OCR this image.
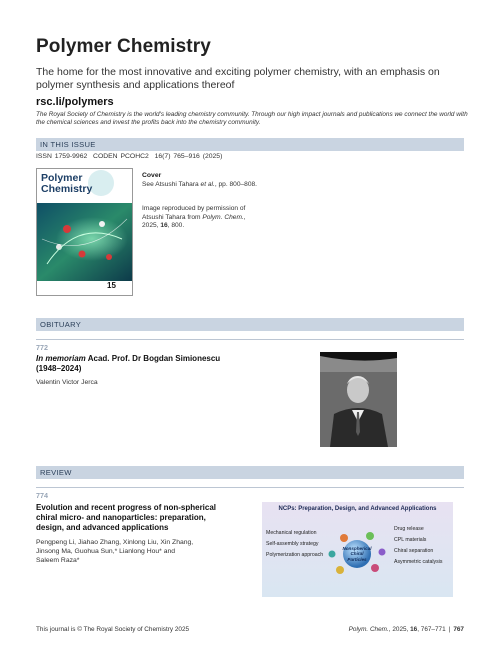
Polymer Chemistry
The home for the most innovative and exciting polymer chemistry, with an emphasis on polymer synthesis and applications thereof
rsc.li/polymers
The Royal Society of Chemistry is the world's leading chemistry community. Through our high impact journals and publications we connect the world with the chemical sciences and invest the profits back into the chemistry community.
IN THIS ISSUE
ISSN 1759-9962 CODEN PCOHC2 16(7) 765–916 (2025)
Polymer
Chemistry
15
Cover
See Atsushi Tahara et al., pp. 800–808.
Image reproduced by permission of Atsushi Tahara from Polym. Chem., 2025, 16, 800.
OBITUARY
772
In memoriam Acad. Prof. Dr Bogdan Simionescu
(1948–2024)
Valentin Victor Jerca
REVIEW
774
Evolution and recent progress of non-spherical
chiral micro- and nanoparticles: preparation,
design, and advanced applications
Pengpeng Li, Jiahao Zhang, Xinlong Liu, Xin Zhang,
Jinsong Ma, Guohua Sun,* Lianlong Hou* and
Saleem Raza*
NCPs: Preparation, Design, and Advanced Applications
Mechanical regulation
Self-assembly strategy
Polymerization approach
Drug release
CPL materials
Chiral separation
Asymmetric catalysis
Nonspherical
Chiral
Particles
This journal is © The Royal Society of Chemistry 2025	Polym. Chem., 2025, 16, 767–771 | 767
